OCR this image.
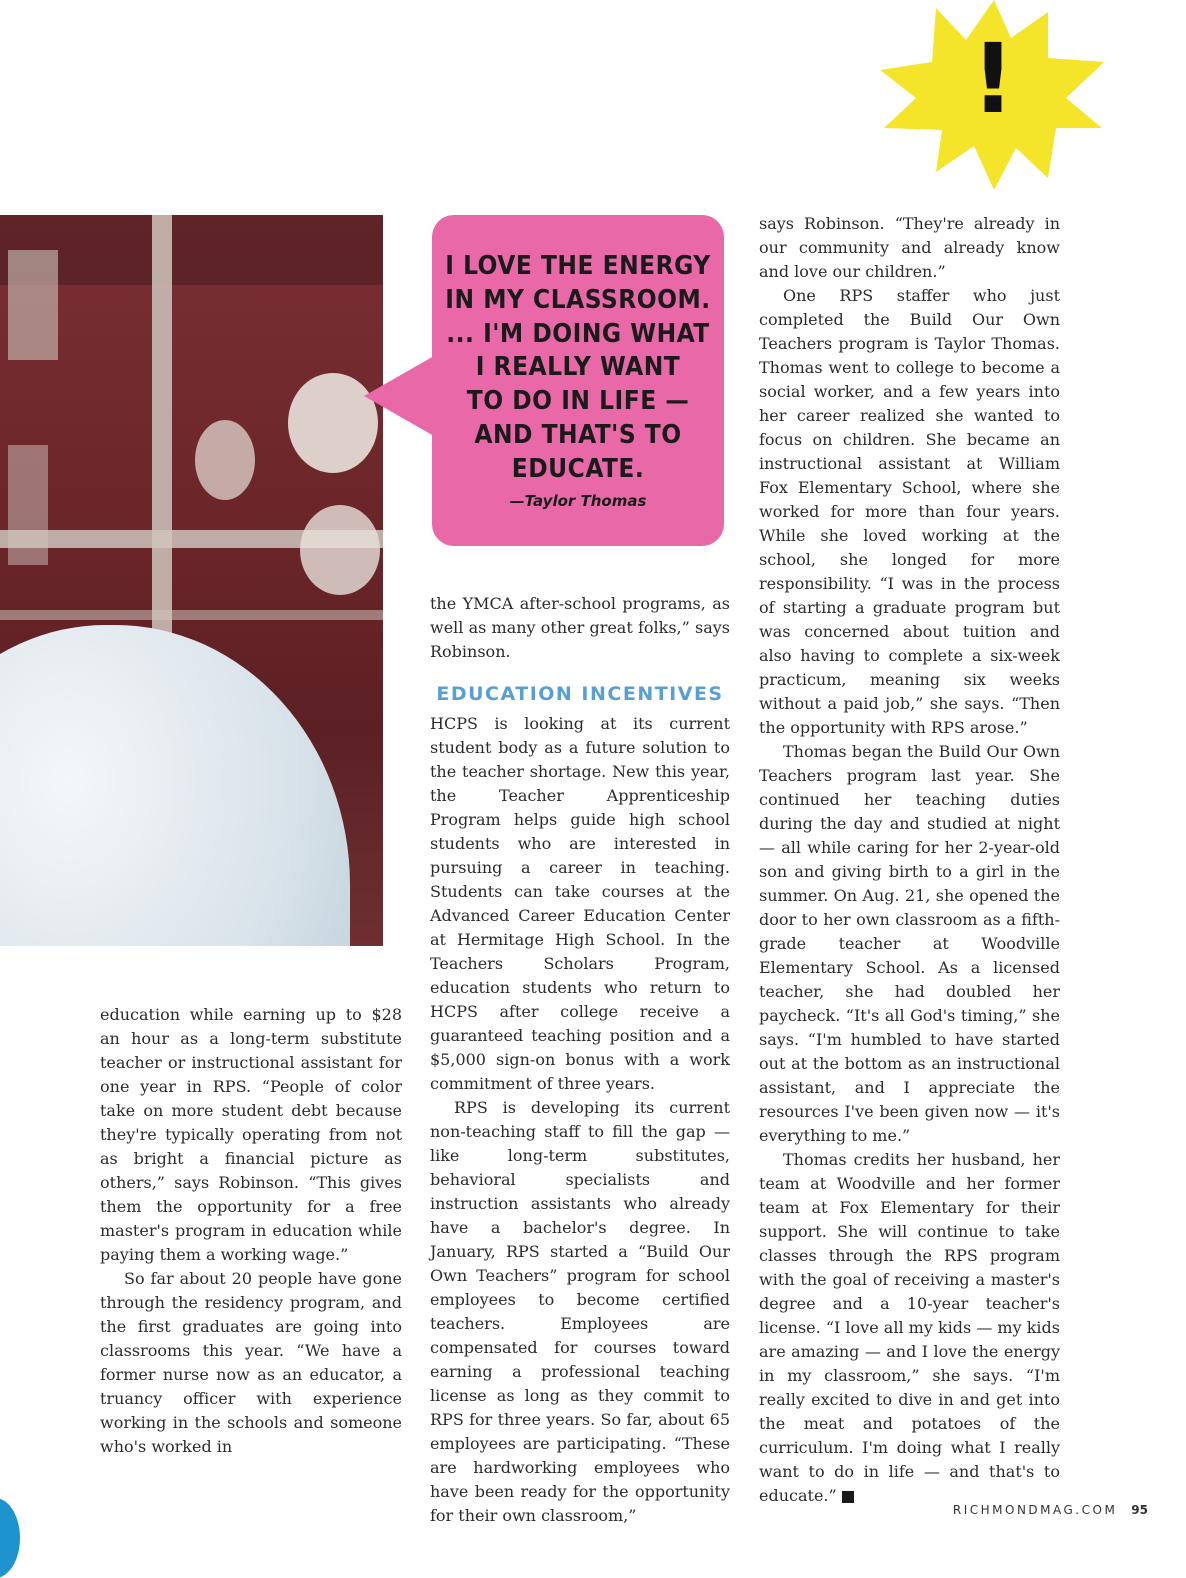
!

I LOVE THE ENERGY
IN MY CLASSROOM.
... I'M DOING WHAT
I REALLY WANT
TO DO IN LIFE —
AND THAT'S TO
EDUCATE.

—Taylor Thomas

education while earning up to $28 an hour as a long-term substitute teacher or instructional assistant for one year in RPS. “People of color take on more student debt because they're typically operating from not as bright a financial picture as others,” says Robinson. “This gives them the opportunity for a free master's program in education while paying them a working wage.”

So far about 20 people have gone through the residency program, and the first graduates are going into classrooms this year. “We have a former nurse now as an educator, a truancy officer with experience working in the schools and someone who's worked in

the YMCA after-school programs, as well as many other great folks,” says Robinson.

EDUCATION INCENTIVES

HCPS is looking at its current student body as a future solution to the teacher shortage. New this year, the Teacher Apprenticeship Program helps guide high school students who are interested in pursuing a career in teaching. Students can take courses at the Advanced Career Education Center at Hermitage High School. In the Teachers Scholars Program, education students who return to HCPS after college receive a guaranteed teaching position and a $5,000 sign-on bonus with a work commitment of three years.

RPS is developing its current non-teaching staff to fill the gap — like long-term substitutes, behavioral specialists and instruction assistants who already have a bachelor's degree. In January, RPS started a “Build Our Own Teachers” program for school employees to become certified teachers. Employees are compensated for courses toward earning a professional teaching license as long as they commit to RPS for three years. So far, about 65 employees are participating. “These are hardworking employees who have been ready for the opportunity for their own classroom,”

says Robinson. “They're already in our community and already know and love our children.”

One RPS staffer who just completed the Build Our Own Teachers program is Taylor Thomas. Thomas went to college to become a social worker, and a few years into her career realized she wanted to focus on children. She became an instructional assistant at William Fox Elementary School, where she worked for more than four years. While she loved working at the school, she longed for more responsibility. “I was in the process of starting a graduate program but was concerned about tuition and also having to complete a six-week practicum, meaning six weeks without a paid job,” she says. “Then the opportunity with RPS arose.”

Thomas began the Build Our Own Teachers program last year. She continued her teaching duties during the day and studied at night — all while caring for her 2-year-old son and giving birth to a girl in the summer. On Aug. 21, she opened the door to her own classroom as a fifth-grade teacher at Woodville Elementary School. As a licensed teacher, she had doubled her paycheck. “It's all God's timing,” she says. “I'm humbled to have started out at the bottom as an instructional assistant, and I appreciate the resources I've been given now — it's everything to me.”

Thomas credits her husband, her team at Woodville and her former team at Fox Elementary for their support. She will continue to take classes through the RPS program with the goal of receiving a master's degree and a 10-year teacher's license. “I love all my kids — my kids are amazing — and I love the energy in my classroom,” she says. “I'm really excited to dive in and get into the meat and potatoes of the curriculum. I'm doing what I really want to do in life — and that's to educate.”	R

RICHMONDMAG.COM 95
